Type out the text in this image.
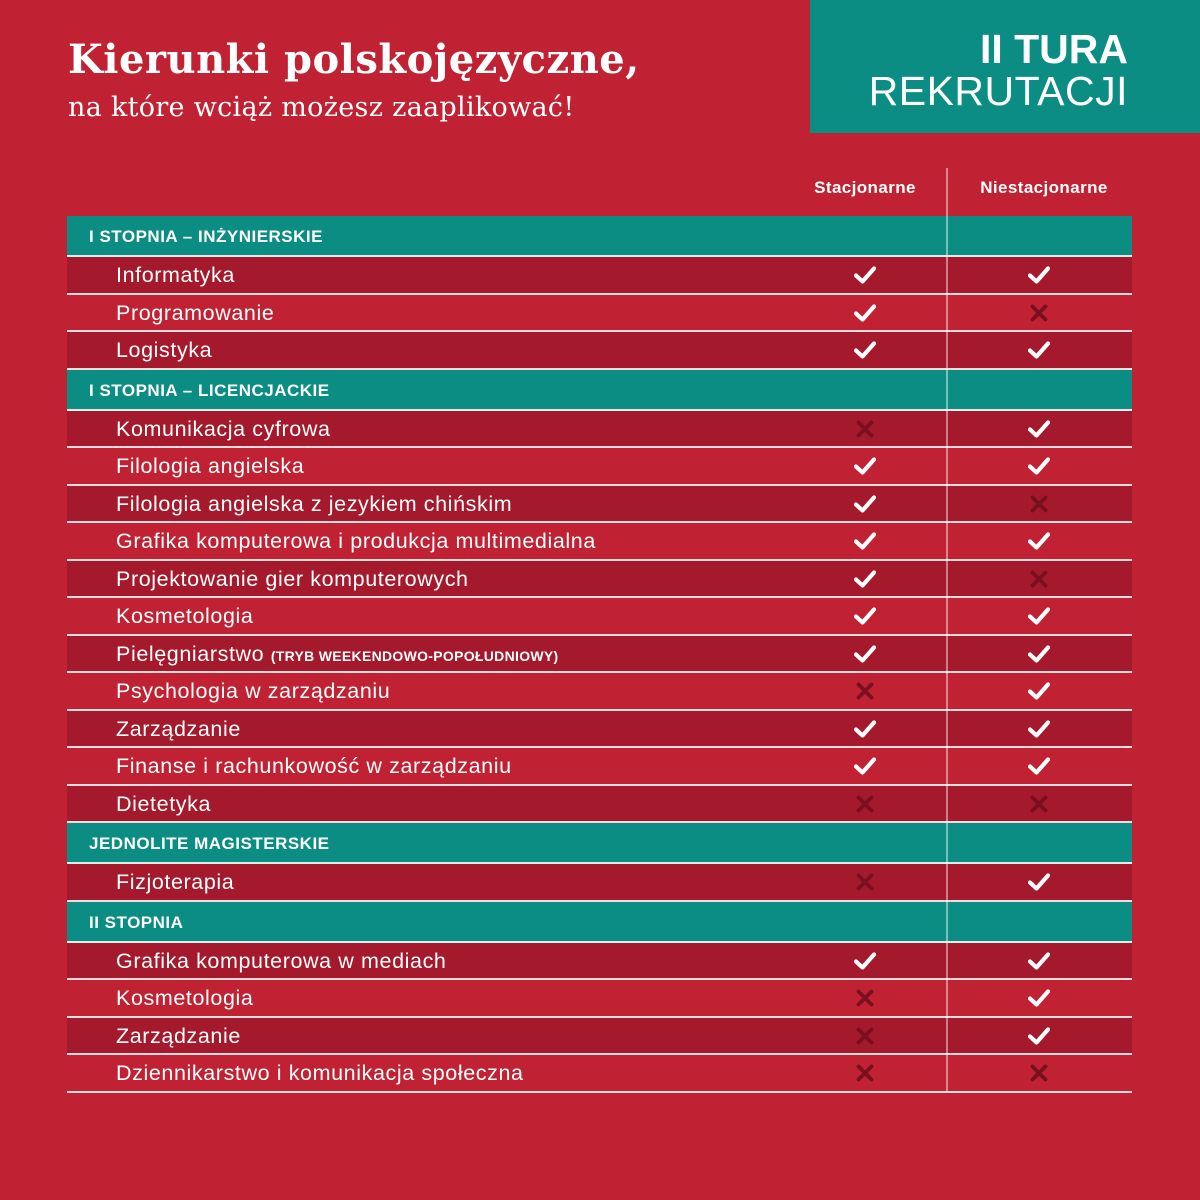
Kierunki polskojęzyczne,
na które wciąż możesz zaaplikować!
II TURA
REKRUTACJI
Stacjonarne	Niestacjonarne
I STOPNIA – INŻYNIERSKIE
Informatyka
Programowanie
Logistyka
I STOPNIA – LICENCJACKIE
Komunikacja cyfrowa
Filologia angielska
Filologia angielska z jezykiem chińskim
Grafika komputerowa i produkcja multimedialna
Projektowanie gier komputerowych
Kosmetologia
Pielęgniarstwo (TRYB WEEKENDOWO-POPOŁUDNIOWY)
Psychologia w zarządzaniu
Zarządzanie
Finanse i rachunkowość w zarządzaniu
Dietetyka
JEDNOLITE MAGISTERSKIE
Fizjoterapia
II STOPNIA
Grafika komputerowa w mediach
Kosmetologia
Zarządzanie
Dziennikarstwo i komunikacja społeczna
